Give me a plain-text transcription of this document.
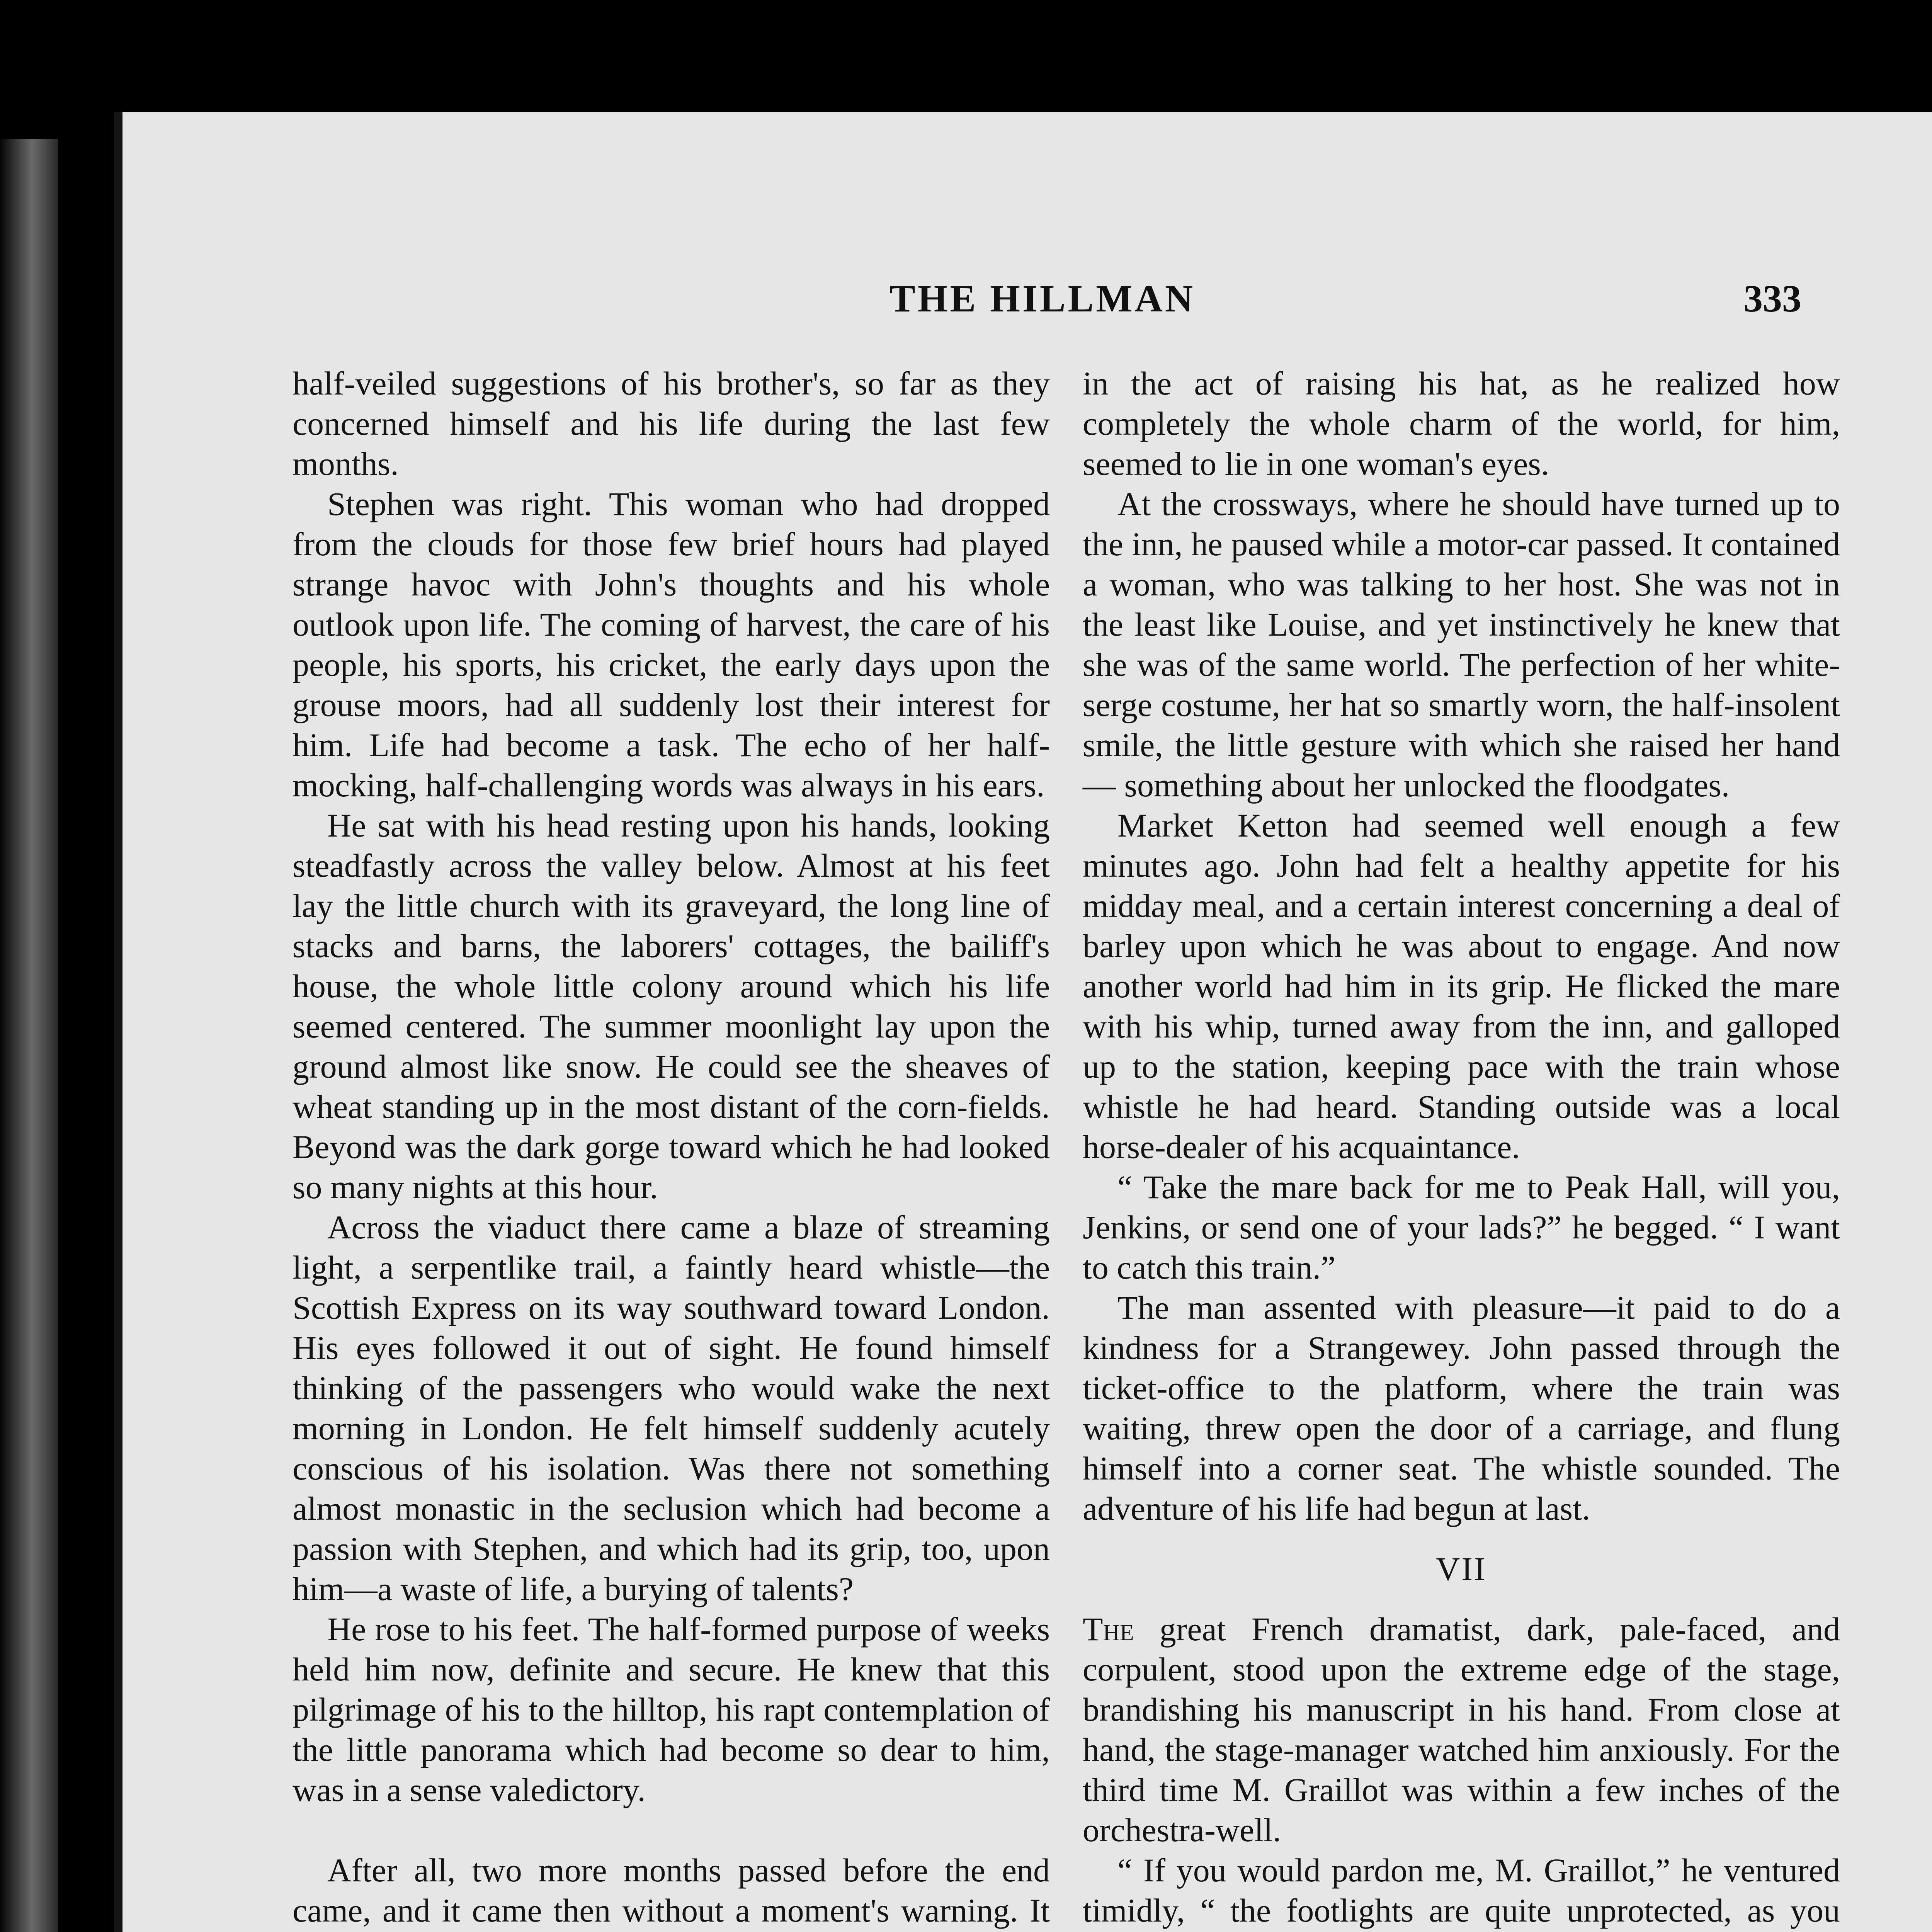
THE HILLMAN	333

half-veiled suggestions of his brother's, so far as they concerned himself and his life during the last few months.

Stephen was right. This woman who had dropped from the clouds for those few brief hours had played strange havoc with John's thoughts and his whole outlook upon life. The coming of harvest, the care of his people, his sports, his cricket, the early days upon the grouse moors, had all suddenly lost their interest for him. Life had become a task. The echo of her half-mocking, half-challenging words was always in his ears.

He sat with his head resting upon his hands, looking steadfastly across the valley below. Almost at his feet lay the little church with its graveyard, the long line of stacks and barns, the laborers' cottages, the bailiff's house, the whole little colony around which his life seemed centered. The summer moonlight lay upon the ground almost like snow. He could see the sheaves of wheat standing up in the most distant of the corn-fields. Beyond was the dark gorge toward which he had looked so many nights at this hour.

Across the viaduct there came a blaze of streaming light, a serpentlike trail, a faintly heard whistle—the Scottish Express on its way southward toward London. His eyes followed it out of sight. He found himself thinking of the passengers who would wake the next morning in London. He felt himself suddenly acutely conscious of his isolation. Was there not something almost monastic in the seclusion which had become a passion with Stephen, and which had its grip, too, upon him—a waste of life, a burying of talents?

He rose to his feet. The half-formed purpose of weeks held him now, definite and secure. He knew that this pilgrimage of his to the hilltop, his rapt contemplation of the little panorama which had become so dear to him, was in a sense valedictory.

After all, two more months passed before the end came, and it came then without a moment's warning. It

in the act of raising his hat, as he realized how completely the whole charm of the world, for him, seemed to lie in one woman's eyes.

At the crossways, where he should have turned up to the inn, he paused while a motor-car passed. It contained a woman, who was talking to her host. She was not in the least like Louise, and yet instinctively he knew that she was of the same world. The perfection of her white-serge costume, her hat so smartly worn, the half-insolent smile, the little gesture with which she raised her hand — something about her unlocked the floodgates.

Market Ketton had seemed well enough a few minutes ago. John had felt a healthy appetite for his midday meal, and a certain interest concerning a deal of barley upon which he was about to engage. And now another world had him in its grip. He flicked the mare with his whip, turned away from the inn, and galloped up to the station, keeping pace with the train whose whistle he had heard. Standing outside was a local horse-dealer of his acquaintance.

“ Take the mare back for me to Peak Hall, will you, Jenkins, or send one of your lads?” he begged. “ I want to catch this train.”

The man assented with pleasure—it paid to do a kindness for a Strangewey. John passed through the ticket-office to the platform, where the train was waiting, threw open the door of a carriage, and flung himself into a corner seat. The whistle sounded. The adventure of his life had begun at last.

VII

The great French dramatist, dark, pale-faced, and corpulent, stood upon the extreme edge of the stage, brandishing his manuscript in his hand. From close at hand, the stage-manager watched him anxiously. For the third time M. Graillot was within a few inches of the orchestra-well.

“ If you would pardon me, M. Graillot,” he ventured timidly, “ the footlights are quite unprotected, as you
